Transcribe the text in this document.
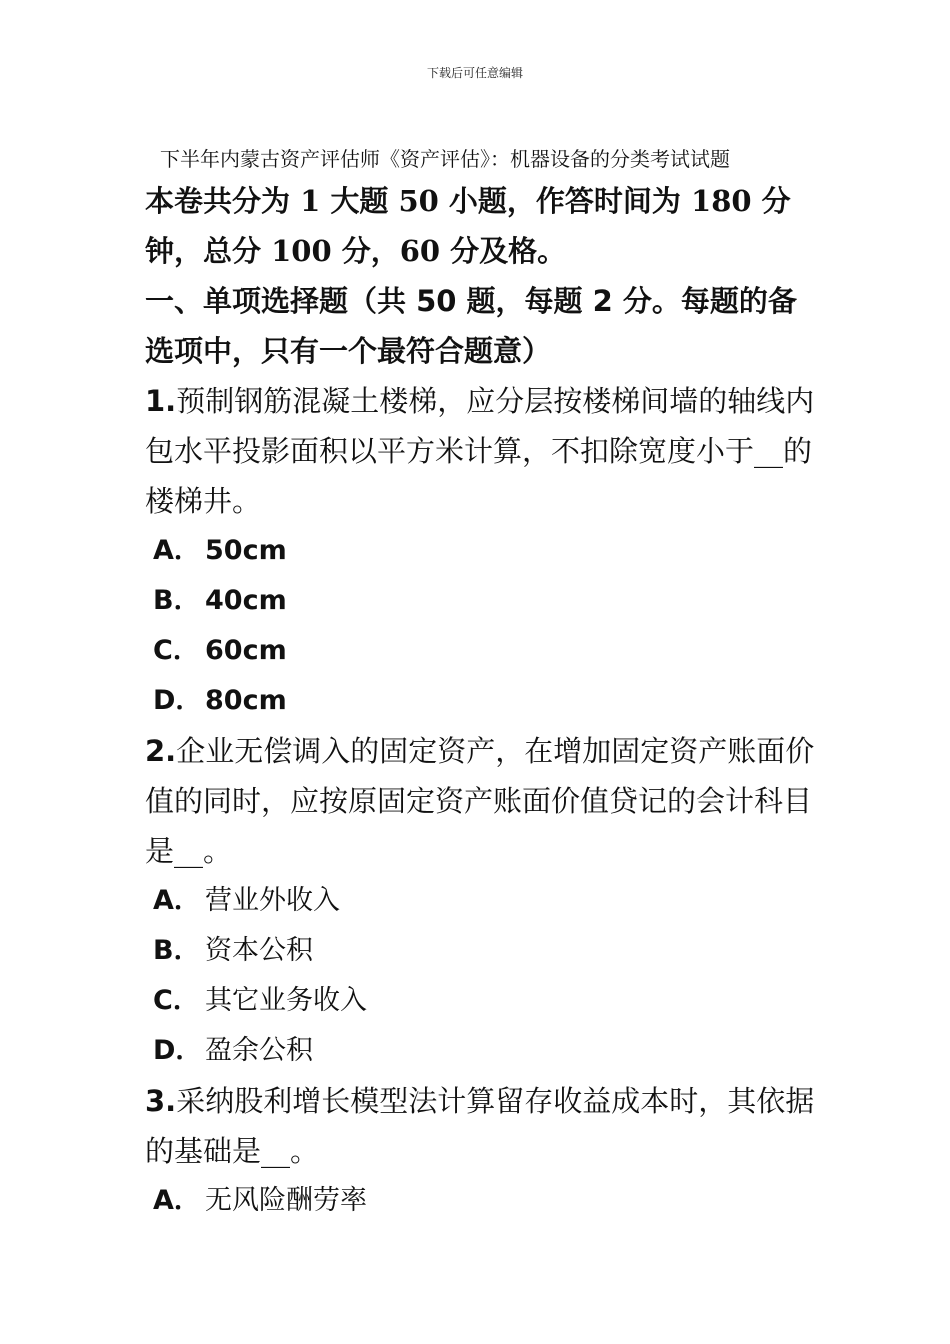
下载后可任意编辑
下半年内蒙古资产评估师《资产评估》：机器设备的分类考试试题

本卷共分为 1 大题 50 小题，作答时间为 180 分钟，总分 100 分，60 分及格。

一、单项选择题（共 50 题，每题 2 分。每题的备选项中，只有一个最符合题意）

1.预制钢筋混凝土楼梯，应分层按楼梯间墙的轴线内包水平投影面积以平方米计算，不扣除宽度小于__的楼梯井。

A． 50cm

B． 40cm

C． 60cm

D．80cm

2.企业无偿调入的固定资产，在增加固定资产账面价值的同时，应按原固定资产账面价值贷记的会计科目是__。

A． 营业外收入

B． 资本公积

C． 其它业务收入

D．盈余公积

3.采纳股利增长模型法计算留存收益成本时，其依据的基础是__。

A． 无风险酬劳率
